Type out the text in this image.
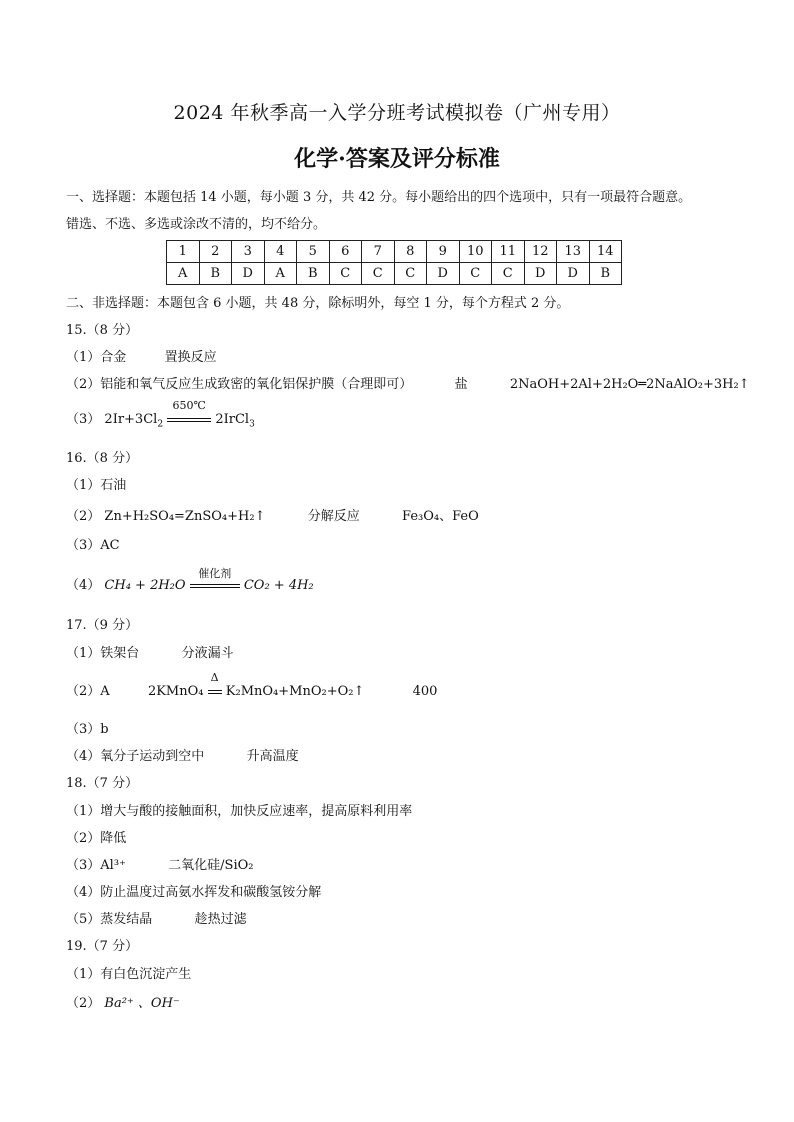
2024 年秋季高一入学分班考试模拟卷（广州专用）
化学·答案及评分标准
一、选择题：本题包括 14 小题，每小题 3 分，共 42 分。每小题给出的四个选项中，只有一项最符合题意。
错选、不选、多选或涂改不清的，均不给分。
1	2	3	4	5	6	7	8	9	10	11	12	13	14
A	B	D	A	B	C	C	C	D	C	C	D	D	B
二、非选择题：本题包含 6 小题，共 48 分，除标明外，每空 1 分，每个方程式 2 分。
15.（8 分）
（1）合金	置换反应
（2）铝能和氧气反应生成致密的氧化铝保护膜（合理即可）	盐	2NaOH+2Al+2H₂O═2NaAlO₂+3H₂↑
（3） $2Ir+3Cl_2$
650℃
2IrCl$_3$
16.（8 分）
（1）石油
（2） Zn+H₂SO₄=ZnSO₄+H₂↑	分解反应	Fe₃O₄、FeO
（3）AC
（4） CH₄ + 2H₂O
催化剂
CO₂ + 4H₂
17.（9 分）
（1）铁架台	分液漏斗
（2）A	2KMnO₄
Δ
K₂MnO₄+MnO₂+O₂↑	400
（3）b
（4）氧分子运动到空中	升高温度
18.（7 分）
（1）增大与酸的接触面积，加快反应速率，提高原料利用率
（2）降低
（3）Al³⁺	二氧化硅/SiO₂
（4）防止温度过高氨水挥发和碳酸氢铵分解
（5）蒸发结晶	趁热过滤
19.（7 分）
（1）有白色沉淀产生
（2） Ba²⁺ 、OH⁻
